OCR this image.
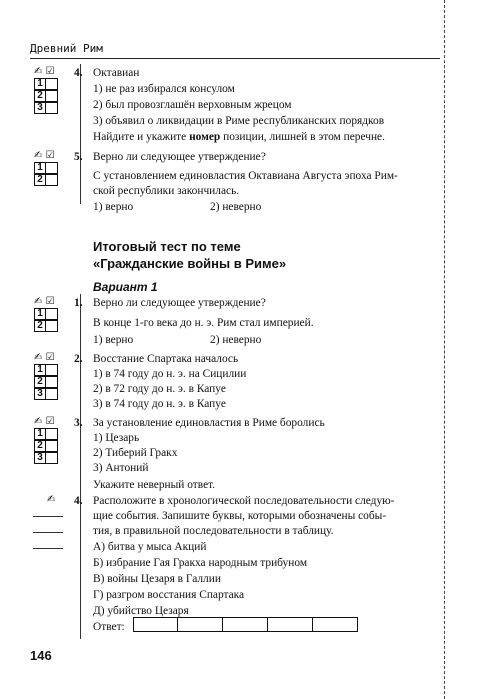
Древний Рим
✍ ☑
1
2
3
4. Октавиан
1) не раз избирался консулом
2) был провозглашён верховным жрецом
3) объявил о ликвидации в Риме республиканских порядков
Найдите и укажите номер позиции, лишней в этом перечне.
✍ ☑
1
2
5. Верно ли следующее утверждение?
С установлением единовластия Октавиана Августа эпоха Рим-
ской республики закончилась.
1) верно	2) неверно
Итоговый тест по теме
«Гражданские войны в Риме»
Вариант 1
✍ ☑
1
2
1. Верно ли следующее утверждение?
В конце 1-го века до н. э. Рим стал империей.
1) верно	2) неверно
✍ ☑
1
2
3
2. Восстание Спартака началось
1) в 74 году до н. э. на Сицилии
2) в 72 году до н. э. в Капуе
3) в 74 году до н. э. в Капуе
✍ ☑
1
2
3
3. За установление единовластия в Риме боролись
1) Цезарь
2) Тиберий Гракх
3) Антоний
Укажите неверный ответ.
✍ 4. Расположите в хронологической последовательности следую-
щие события. Запишите буквы, которыми обозначены собы-
тия, в правильной последовательности в таблицу.
А) битва у мыса Акций
Б) избрание Гая Гракха народным трибуном
В) войны Цезаря в Галлии
Г) разгром восстания Спартака
Д) убийство Цезаря
Ответ:
146
